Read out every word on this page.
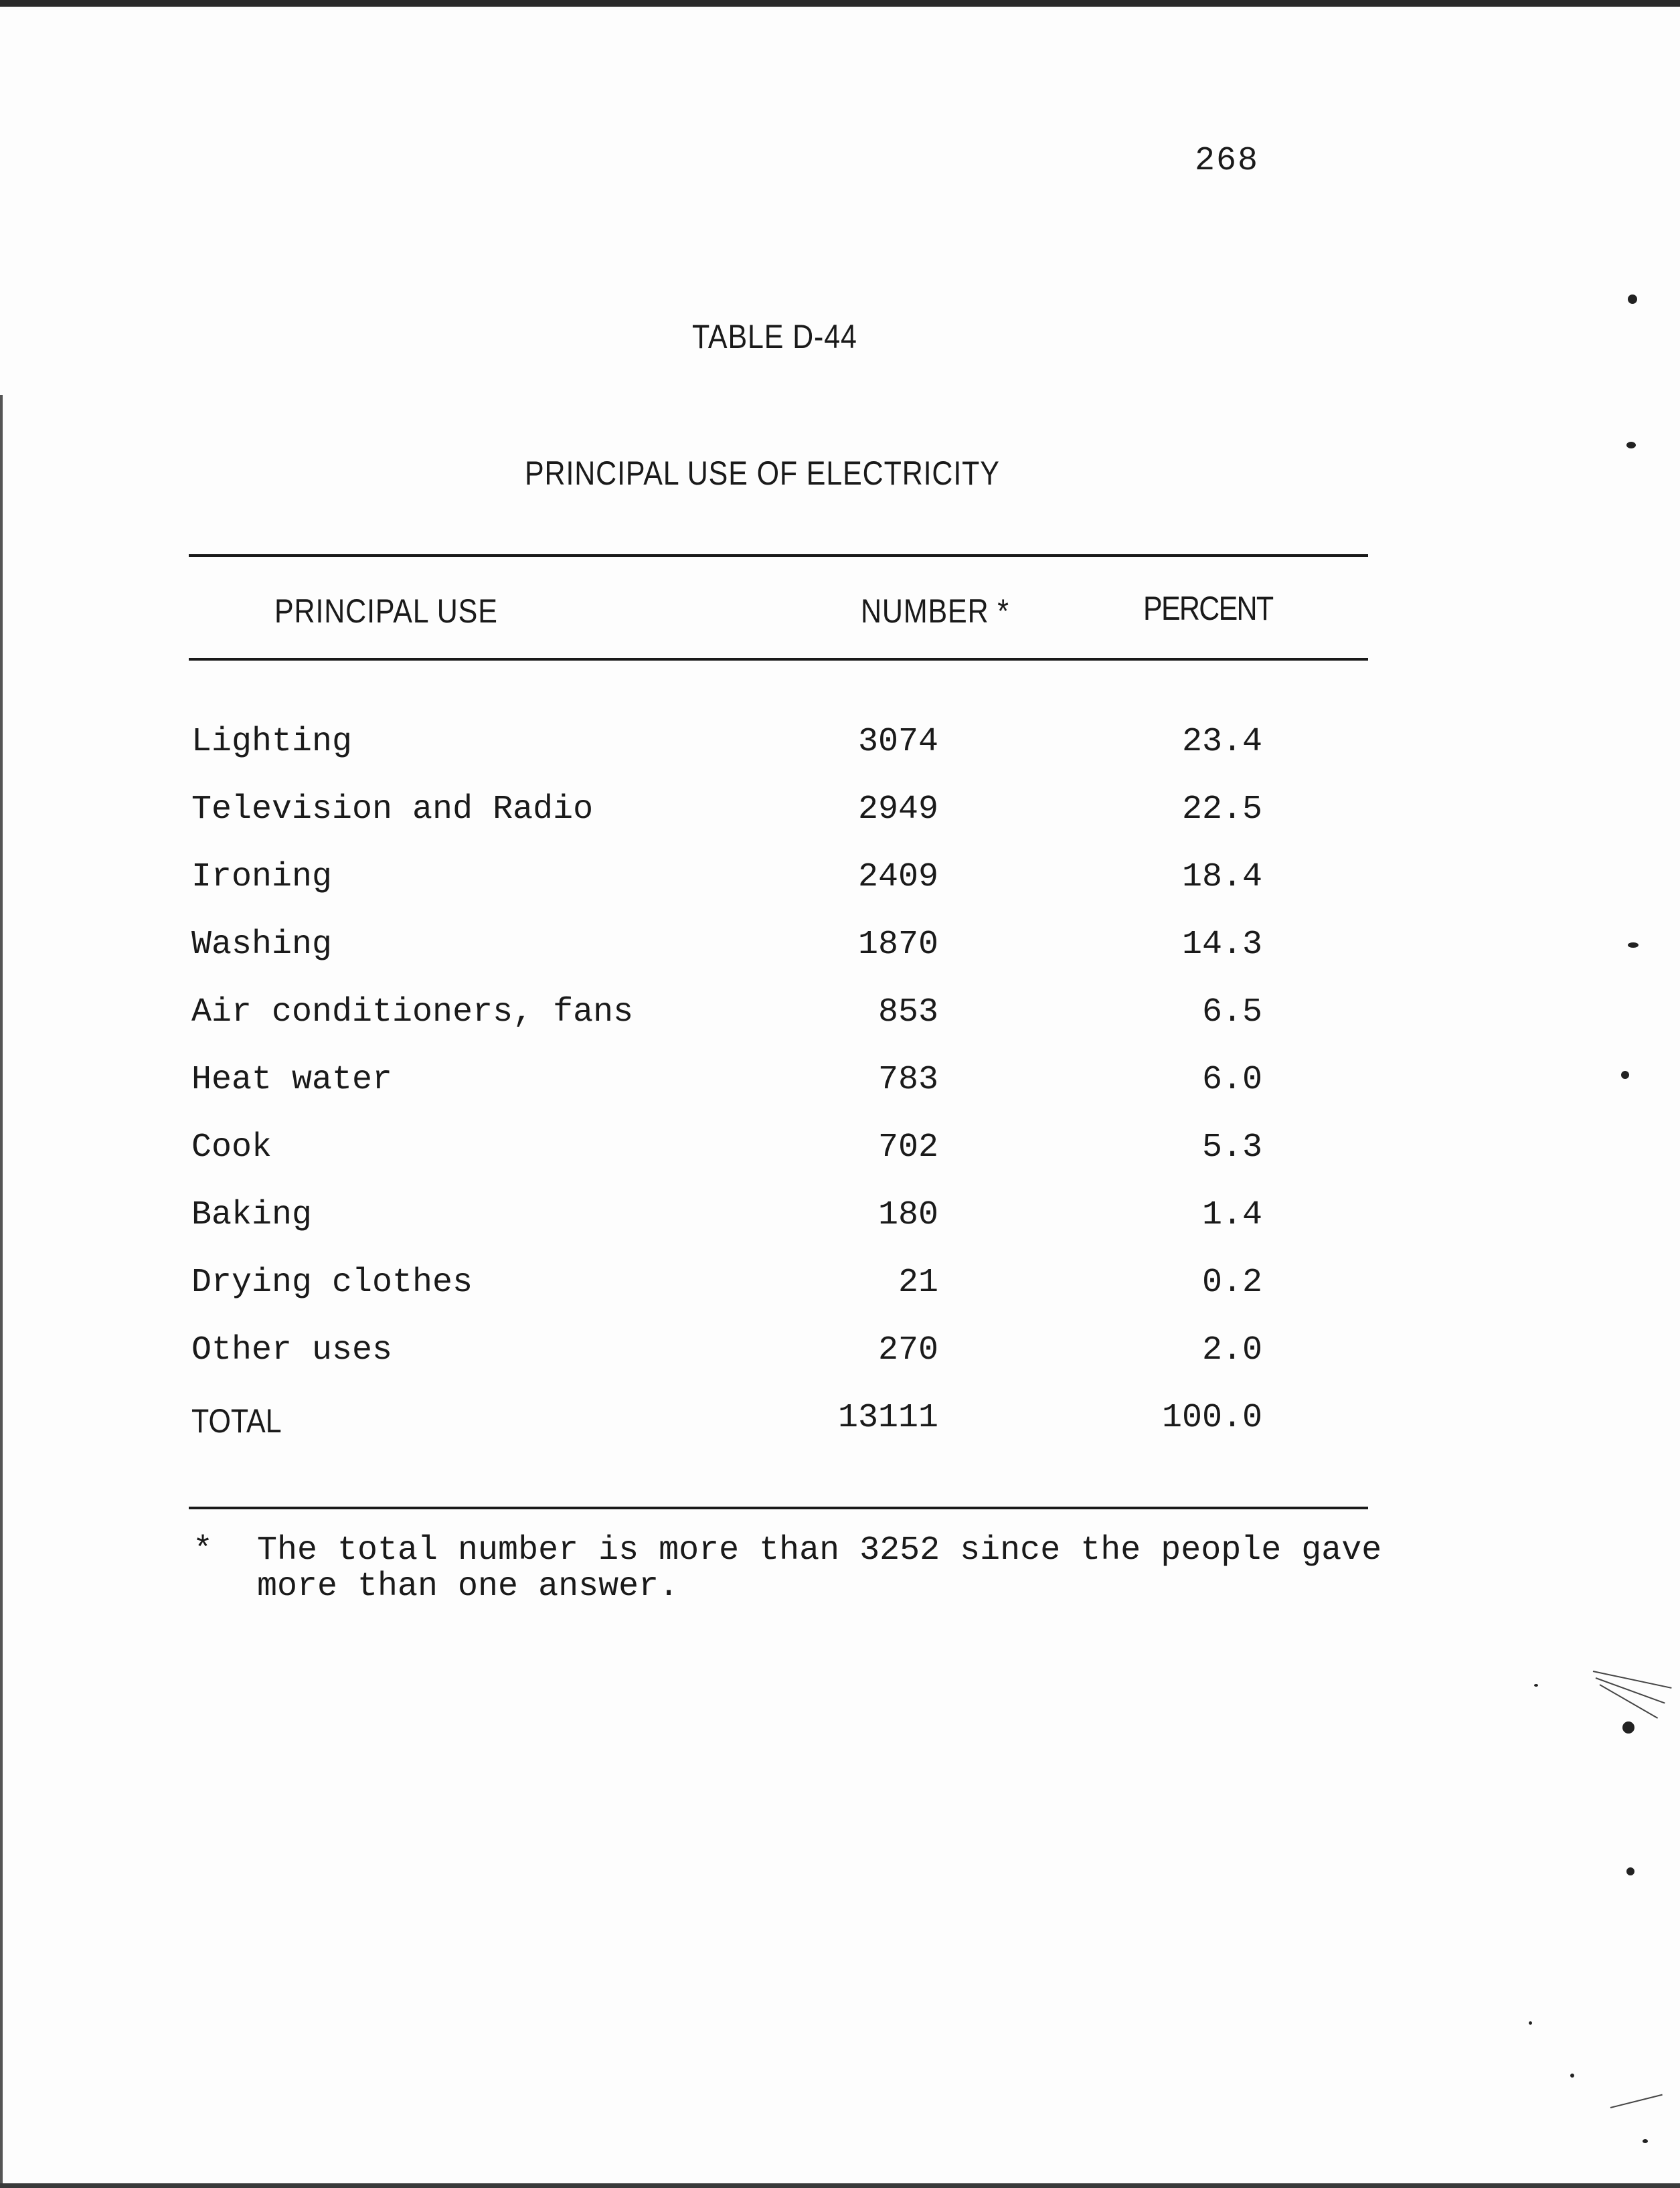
268
TABLE D-44
PRINCIPAL USE OF ELECTRICITY
PRINCIPAL USE	NUMBER *	PERCENT
Lighting	3074	23.4
Television and Radio	2949	22.5
Ironing	2409	18.4
Washing	1870	14.3
Air conditioners, fans	853	6.5
Heat water	783	6.0
Cook	702	5.3
Baking	180	1.4
Drying clothes	21	0.2
Other uses	270	2.0
TOTAL	13111	100.0
* The total number is more than 3252 since the people gave
more than one answer.
